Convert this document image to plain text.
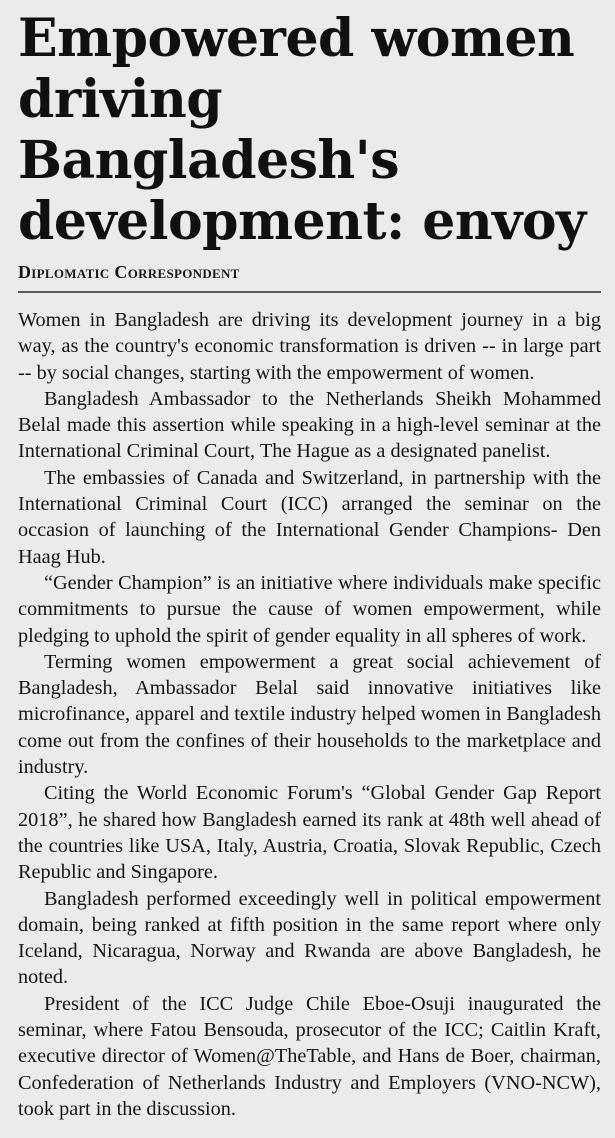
Empowered women driving Bangladesh's development: envoy
Diplomatic Correspondent

Women in Bangladesh are driving its development journey in a big way, as the country's economic transformation is driven -- in large part -- by social changes, starting with the empowerment of women.

Bangladesh Ambassador to the Netherlands Sheikh Mohammed Belal made this assertion while speaking in a high-level seminar at the International Criminal Court, The Hague as a designated panelist.

The embassies of Canada and Switzerland, in partnership with the International Criminal Court (ICC) arranged the seminar on the occasion of launching of the International Gender Champions- Den Haag Hub.

“Gender Champion” is an initiative where individuals make specific commitments to pursue the cause of women empowerment, while pledging to uphold the spirit of gender equality in all spheres of work.

Terming women empowerment a great social achievement of Bangladesh, Ambassador Belal said innovative initiatives like microfinance, apparel and textile industry helped women in Bangladesh come out from the confines of their households to the marketplace and industry.

Citing the World Economic Forum's “Global Gender Gap Report 2018”, he shared how Bangladesh earned its rank at 48th well ahead of the countries like USA, Italy, Austria, Croatia, Slovak Republic, Czech Republic and Singapore.

Bangladesh performed exceedingly well in political empowerment domain, being ranked at fifth position in the same report where only Iceland, Nicaragua, Norway and Rwanda are above Bangladesh, he noted.

President of the ICC Judge Chile Eboe-Osuji inaugurated the seminar, where Fatou Bensouda, prosecutor of the ICC; Caitlin Kraft, executive director of Women@TheTable, and Hans de Boer, chairman, Confederation of Netherlands Industry and Employers (VNO-NCW), took part in the discussion.
